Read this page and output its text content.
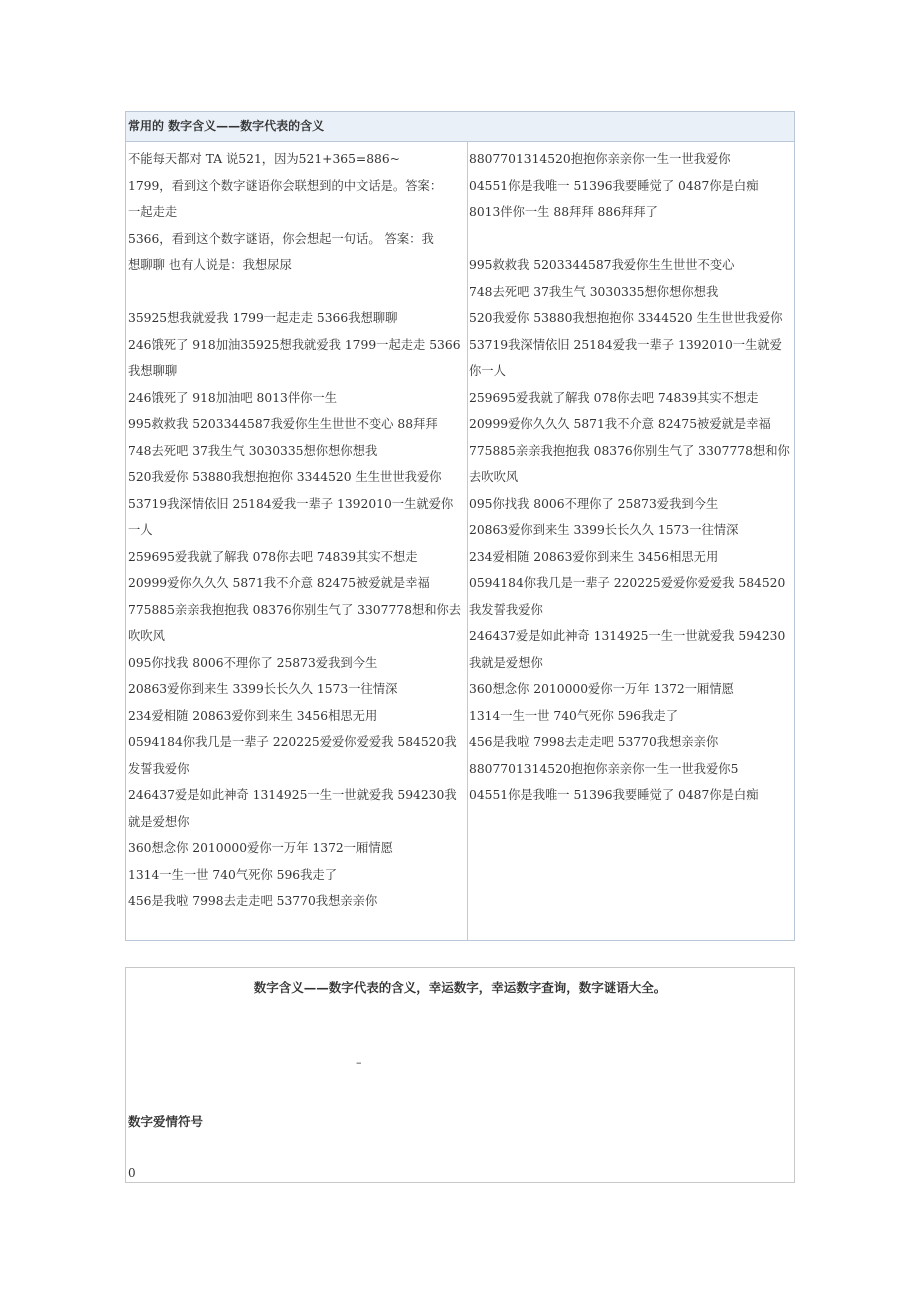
常用的 数字含义——数字代表的含义
不能每天都对 TA 说521，因为521+365=886~
1799，看到这个数字谜语你会联想到的中文话是。答案：
一起走走
5366，看到这个数字谜语，你会想起一句话。 答案：我
想聊聊 也有人说是：我想尿尿
35925想我就爱我 1799一起走走 5366我想聊聊
246饿死了 918加油35925想我就爱我 1799一起走走 5366
我想聊聊
246饿死了 918加油吧 8013伴你一生
995救救我 5203344587我爱你生生世世不变心 88拜拜
748去死吧 37我生气 3030335想你想你想我
520我爱你 53880我想抱抱你 3344520 生生世世我爱你
53719我深情依旧 25184爱我一辈子 1392010一生就爱你
一人
259695爱我就了解我 078你去吧 74839其实不想走
20999爱你久久久 5871我不介意 82475被爱就是幸福
775885亲亲我抱抱我 08376你别生气了 3307778想和你去
吹吹风
095你找我 8006不理你了 25873爱我到今生
20863爱你到来生 3399长长久久 1573一往情深
234爱相随 20863爱你到来生 3456相思无用
0594184你我几是一辈子 220225爱爱你爱爱我 584520我
发誓我爱你
246437爱是如此神奇 1314925一生一世就爱我 594230我
就是爱想你
360想念你 2010000爱你一万年 1372一厢情愿
1314一生一世 740气死你 596我走了
456是我啦 7998去走走吧 53770我想亲亲你
8807701314520抱抱你亲亲你一生一世我爱你
04551你是我唯一 51396我要睡觉了 0487你是白痴
8013伴你一生 88拜拜 886拜拜了
995救救我 5203344587我爱你生生世世不变心
748去死吧 37我生气 3030335想你想你想我
520我爱你 53880我想抱抱你 3344520 生生世世我爱你
53719我深情依旧 25184爱我一辈子 1392010一生就爱
你一人
259695爱我就了解我 078你去吧 74839其实不想走
20999爱你久久久 5871我不介意 82475被爱就是幸福
775885亲亲我抱抱我 08376你别生气了 3307778想和你
去吹吹风
095你找我 8006不理你了 25873爱我到今生
20863爱你到来生 3399长长久久 1573一往情深
234爱相随 20863爱你到来生 3456相思无用
0594184你我几是一辈子 220225爱爱你爱爱我 584520
我发誓我爱你
246437爱是如此神奇 1314925一生一世就爱我 594230
我就是爱想你
360想念你 2010000爱你一万年 1372一厢情愿
1314一生一世 740气死你 596我走了
456是我啦 7998去走走吧 53770我想亲亲你
8807701314520抱抱你亲亲你一生一世我爱你5
04551你是我唯一 51396我要睡觉了 0487你是白痴
数字含义——数字代表的含义，幸运数字，幸运数字查询，数字谜语大全。
–
数字爱情符号
0
